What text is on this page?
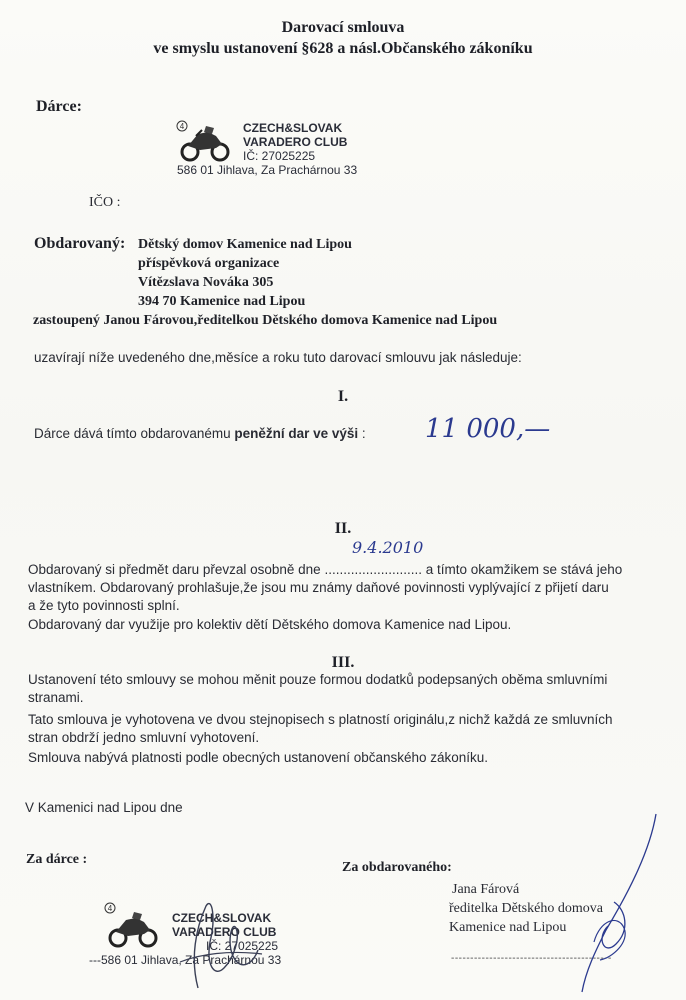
Darovací smlouva
ve smyslu ustanovení §628 a násl.Občanského zákoníku
Dárce:
4	CZECH&SLOVAK
VARADERO CLUB
IČ: 27025225
586 01 Jihlava, Za Prachárnou 33
IČO :
Obdarovaný: Dětský domov Kamenice nad Lipou
příspěvková organizace
Vítězslava Nováka 305
394 70 Kamenice nad Lipou
zastoupený Janou Fárovou,ředitelkou Dětského domova Kamenice nad Lipou
uzavírají níže uvedeného dne,měsíce a roku tuto darovací smlouvu jak následuje:
I.
Dárce dává tímto obdarovanému peněžní dar ve výši : 11 000,—
II.
9.4.2010
Obdarovaný si předmět daru převzal osobně dne .......................... a tímto okamžikem se stává jeho
vlastníkem. Obdarovaný prohlašuje,že jsou mu známy daňové povinnosti vyplývající z přijetí daru
a že tyto povinnosti splní.
Obdarovaný dar využije pro kolektiv dětí Dětského domova Kamenice nad Lipou.
III.
Ustanovení této smlouvy se mohou měnit pouze formou dodatků podepsaných oběma smluvními
stranami.
Tato smlouva je vyhotovena ve dvou stejnopisech s platností originálu,z nichž každá ze smluvních
stran obdrží jedno smluvní vyhotovení.
Smlouva nabývá platnosti podle obecných ustanovení občanského zákoníku.
V Kamenici nad Lipou dne
Za dárce :
Za obdarovaného:
Jana Fárová
ředitelka Dětského domova
Kamenice nad Lipou
------------------------------------------
4
CZECH&SLOVAK
VARADERO CLUB
IČ: 27025225
---586 01 Jihlava, Za Prachárnou 33
